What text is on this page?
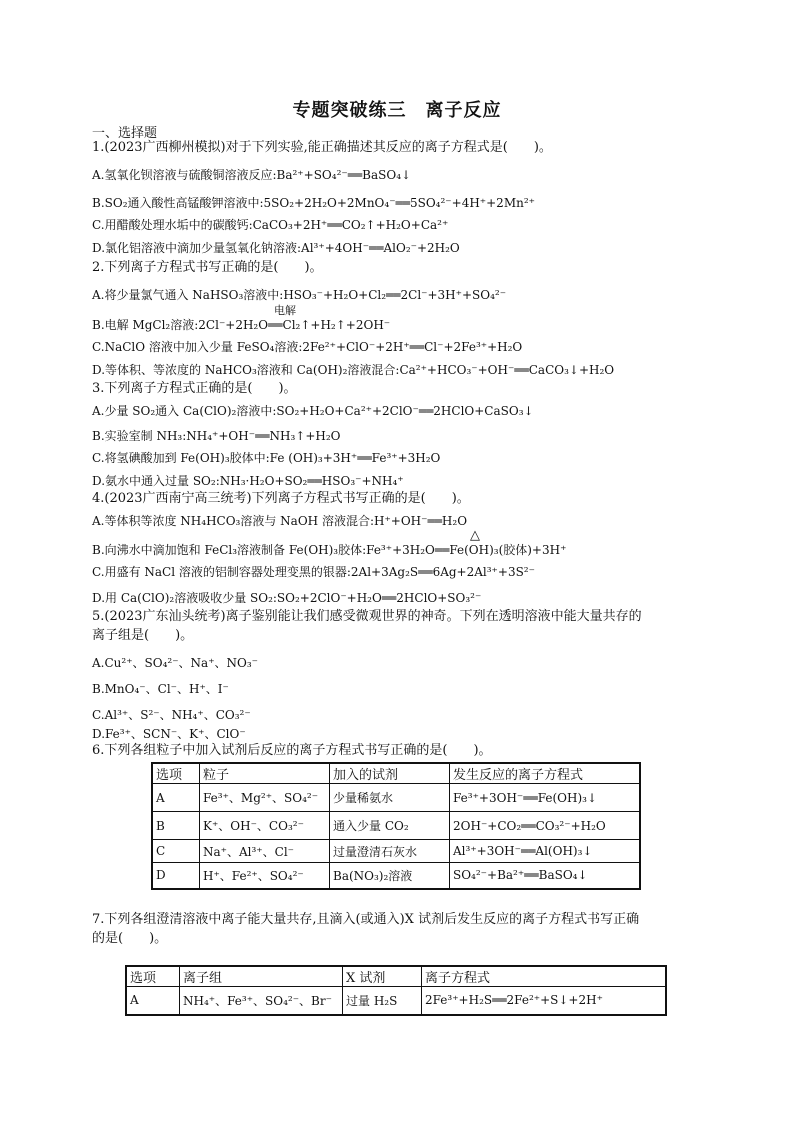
专题突破练三　离子反应
一、选择题
1.(2023广西柳州模拟)对于下列实验,能正确描述其反应的离子方程式是(　　)。
A.氢氧化钡溶液与硫酸铜溶液反应:Ba²⁺+SO₄²⁻══BaSO₄↓
B.SO₂通入酸性高锰酸钾溶液中:5SO₂+2H₂O+2MnO₄⁻══5SO₄²⁻+4H⁺+2Mn²⁺
C.用醋酸处理水垢中的碳酸钙:CaCO₃+2H⁺══CO₂↑+H₂O+Ca²⁺
D.氯化铝溶液中滴加少量氢氧化钠溶液:Al³⁺+4OH⁻══AlO₂⁻+2H₂O
2.下列离子方程式书写正确的是(　　)。
A.将少量氯气通入 NaHSO₃溶液中:HSO₃⁻+H₂O+Cl₂══2Cl⁻+3H⁺+SO₄²⁻
电解
B.电解 MgCl₂溶液:2Cl⁻+2H₂O══Cl₂↑+H₂↑+2OH⁻
C.NaClO 溶液中加入少量 FeSO₄溶液:2Fe²⁺+ClO⁻+2H⁺══Cl⁻+2Fe³⁺+H₂O
D.等体积、等浓度的 NaHCO₃溶液和 Ca(OH)₂溶液混合:Ca²⁺+HCO₃⁻+OH⁻══CaCO₃↓+H₂O
3.下列离子方程式正确的是(　　)。
A.少量 SO₂通入 Ca(ClO)₂溶液中:SO₂+H₂O+Ca²⁺+2ClO⁻══2HClO+CaSO₃↓
B.实验室制 NH₃:NH₄⁺+OH⁻══NH₃↑+H₂O
C.将氢碘酸加到 Fe(OH)₃胶体中:Fe (OH)₃+3H⁺══Fe³⁺+3H₂O
D.氨水中通入过量 SO₂:NH₃·H₂O+SO₂══HSO₃⁻+NH₄⁺
4.(2023广西南宁高三统考)下列离子方程式书写正确的是(　　)。
A.等体积等浓度 NH₄HCO₃溶液与 NaOH 溶液混合:H⁺+OH⁻══H₂O
△
B.向沸水中滴加饱和 FeCl₃溶液制备 Fe(OH)₃胶体:Fe³⁺+3H₂O══Fe(OH)₃(胶体)+3H⁺
C.用盛有 NaCl 溶液的铝制容器处理变黑的银器:2Al+3Ag₂S══6Ag+2Al³⁺+3S²⁻
D.用 Ca(ClO)₂溶液吸收少量 SO₂:SO₂+2ClO⁻+H₂O══2HClO+SO₃²⁻
5.(2023广东汕头统考)离子鉴别能让我们感受微观世界的神奇。下列在透明溶液中能大量共存的
离子组是(　　)。
A.Cu²⁺、SO₄²⁻、Na⁺、NO₃⁻
B.MnO₄⁻、Cl⁻、H⁺、I⁻
C.Al³⁺、S²⁻、NH₄⁺、CO₃²⁻
D.Fe³⁺、SCN⁻、K⁺、ClO⁻
6.下列各组粒子中加入试剂后反应的离子方程式书写正确的是(　　)。
选项	粒子	加入的试剂	发生反应的离子方程式
A	Fe³⁺、Mg²⁺、SO₄²⁻	少量稀氨水	Fe³⁺+3OH⁻══Fe(OH)₃↓
B	K⁺、OH⁻、CO₃²⁻	通入少量 CO₂	2OH⁻+CO₂══CO₃²⁻+H₂O
C	Na⁺、Al³⁺、Cl⁻	过量澄清石灰水	Al³⁺+3OH⁻══Al(OH)₃↓
D	H⁺、Fe²⁺、SO₄²⁻	Ba(NO₃)₂溶液	SO₄²⁻+Ba²⁺══BaSO₄↓
7.下列各组澄清溶液中离子能大量共存,且滴入(或通入)X 试剂后发生反应的离子方程式书写正确
的是(　　)。
选项	离子组	X 试剂	离子方程式
A	NH₄⁺、Fe³⁺、SO₄²⁻、Br⁻	过量 H₂S	2Fe³⁺+H₂S══2Fe²⁺+S↓+2H⁺
